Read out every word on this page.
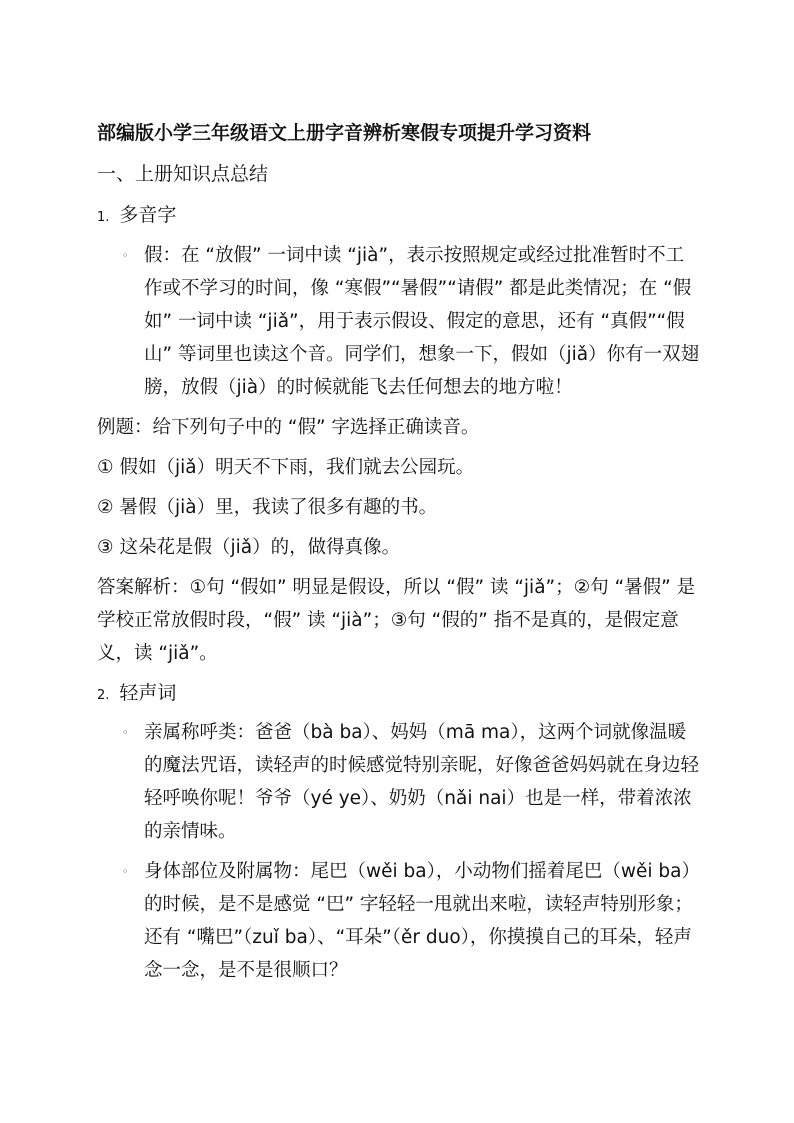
部编版小学三年级语文上册字音辨析寒假专项提升学习资料

一、上册知识点总结

1. 多音字

◦ 假：在 “放假” 一词中读 “jià”，表示按照规定或经过批准暂时不工作或不学习的时间，像 “寒假”“暑假”“请假” 都是此类情况；在 “假如” 一词中读 “jiǎ”，用于表示假设、假定的意思，还有 “真假”“假山” 等词里也读这个音。同学们，想象一下，假如（jiǎ）你有一双翅膀，放假（jià）的时候就能飞去任何想去的地方啦！

例题：给下列句子中的 “假” 字选择正确读音。

① 假如（jiǎ）明天不下雨，我们就去公园玩。

② 暑假（jià）里，我读了很多有趣的书。

③ 这朵花是假（jiǎ）的，做得真像。

答案解析：①句 “假如” 明显是假设，所以 “假” 读 “jiǎ”；②句 “暑假” 是学校正常放假时段，“假” 读 “jià”；③句 “假的” 指不是真的，是假定意义，读 “jiǎ”。

2. 轻声词

◦ 亲属称呼类：爸爸（bà ba）、妈妈（mā ma），这两个词就像温暖的魔法咒语，读轻声的时候感觉特别亲昵，好像爸爸妈妈就在身边轻轻呼唤你呢！爷爷（yé ye）、奶奶（nǎi nai）也是一样，带着浓浓的亲情味。

◦ 身体部位及附属物：尾巴（wěi ba），小动物们摇着尾巴（wěi ba）的时候，是不是感觉 “巴” 字轻轻一甩就出来啦，读轻声特别形象；还有 “嘴巴”（zuǐ ba）、“耳朵”（ěr duo），你摸摸自己的耳朵，轻声念一念，是不是很顺口？
